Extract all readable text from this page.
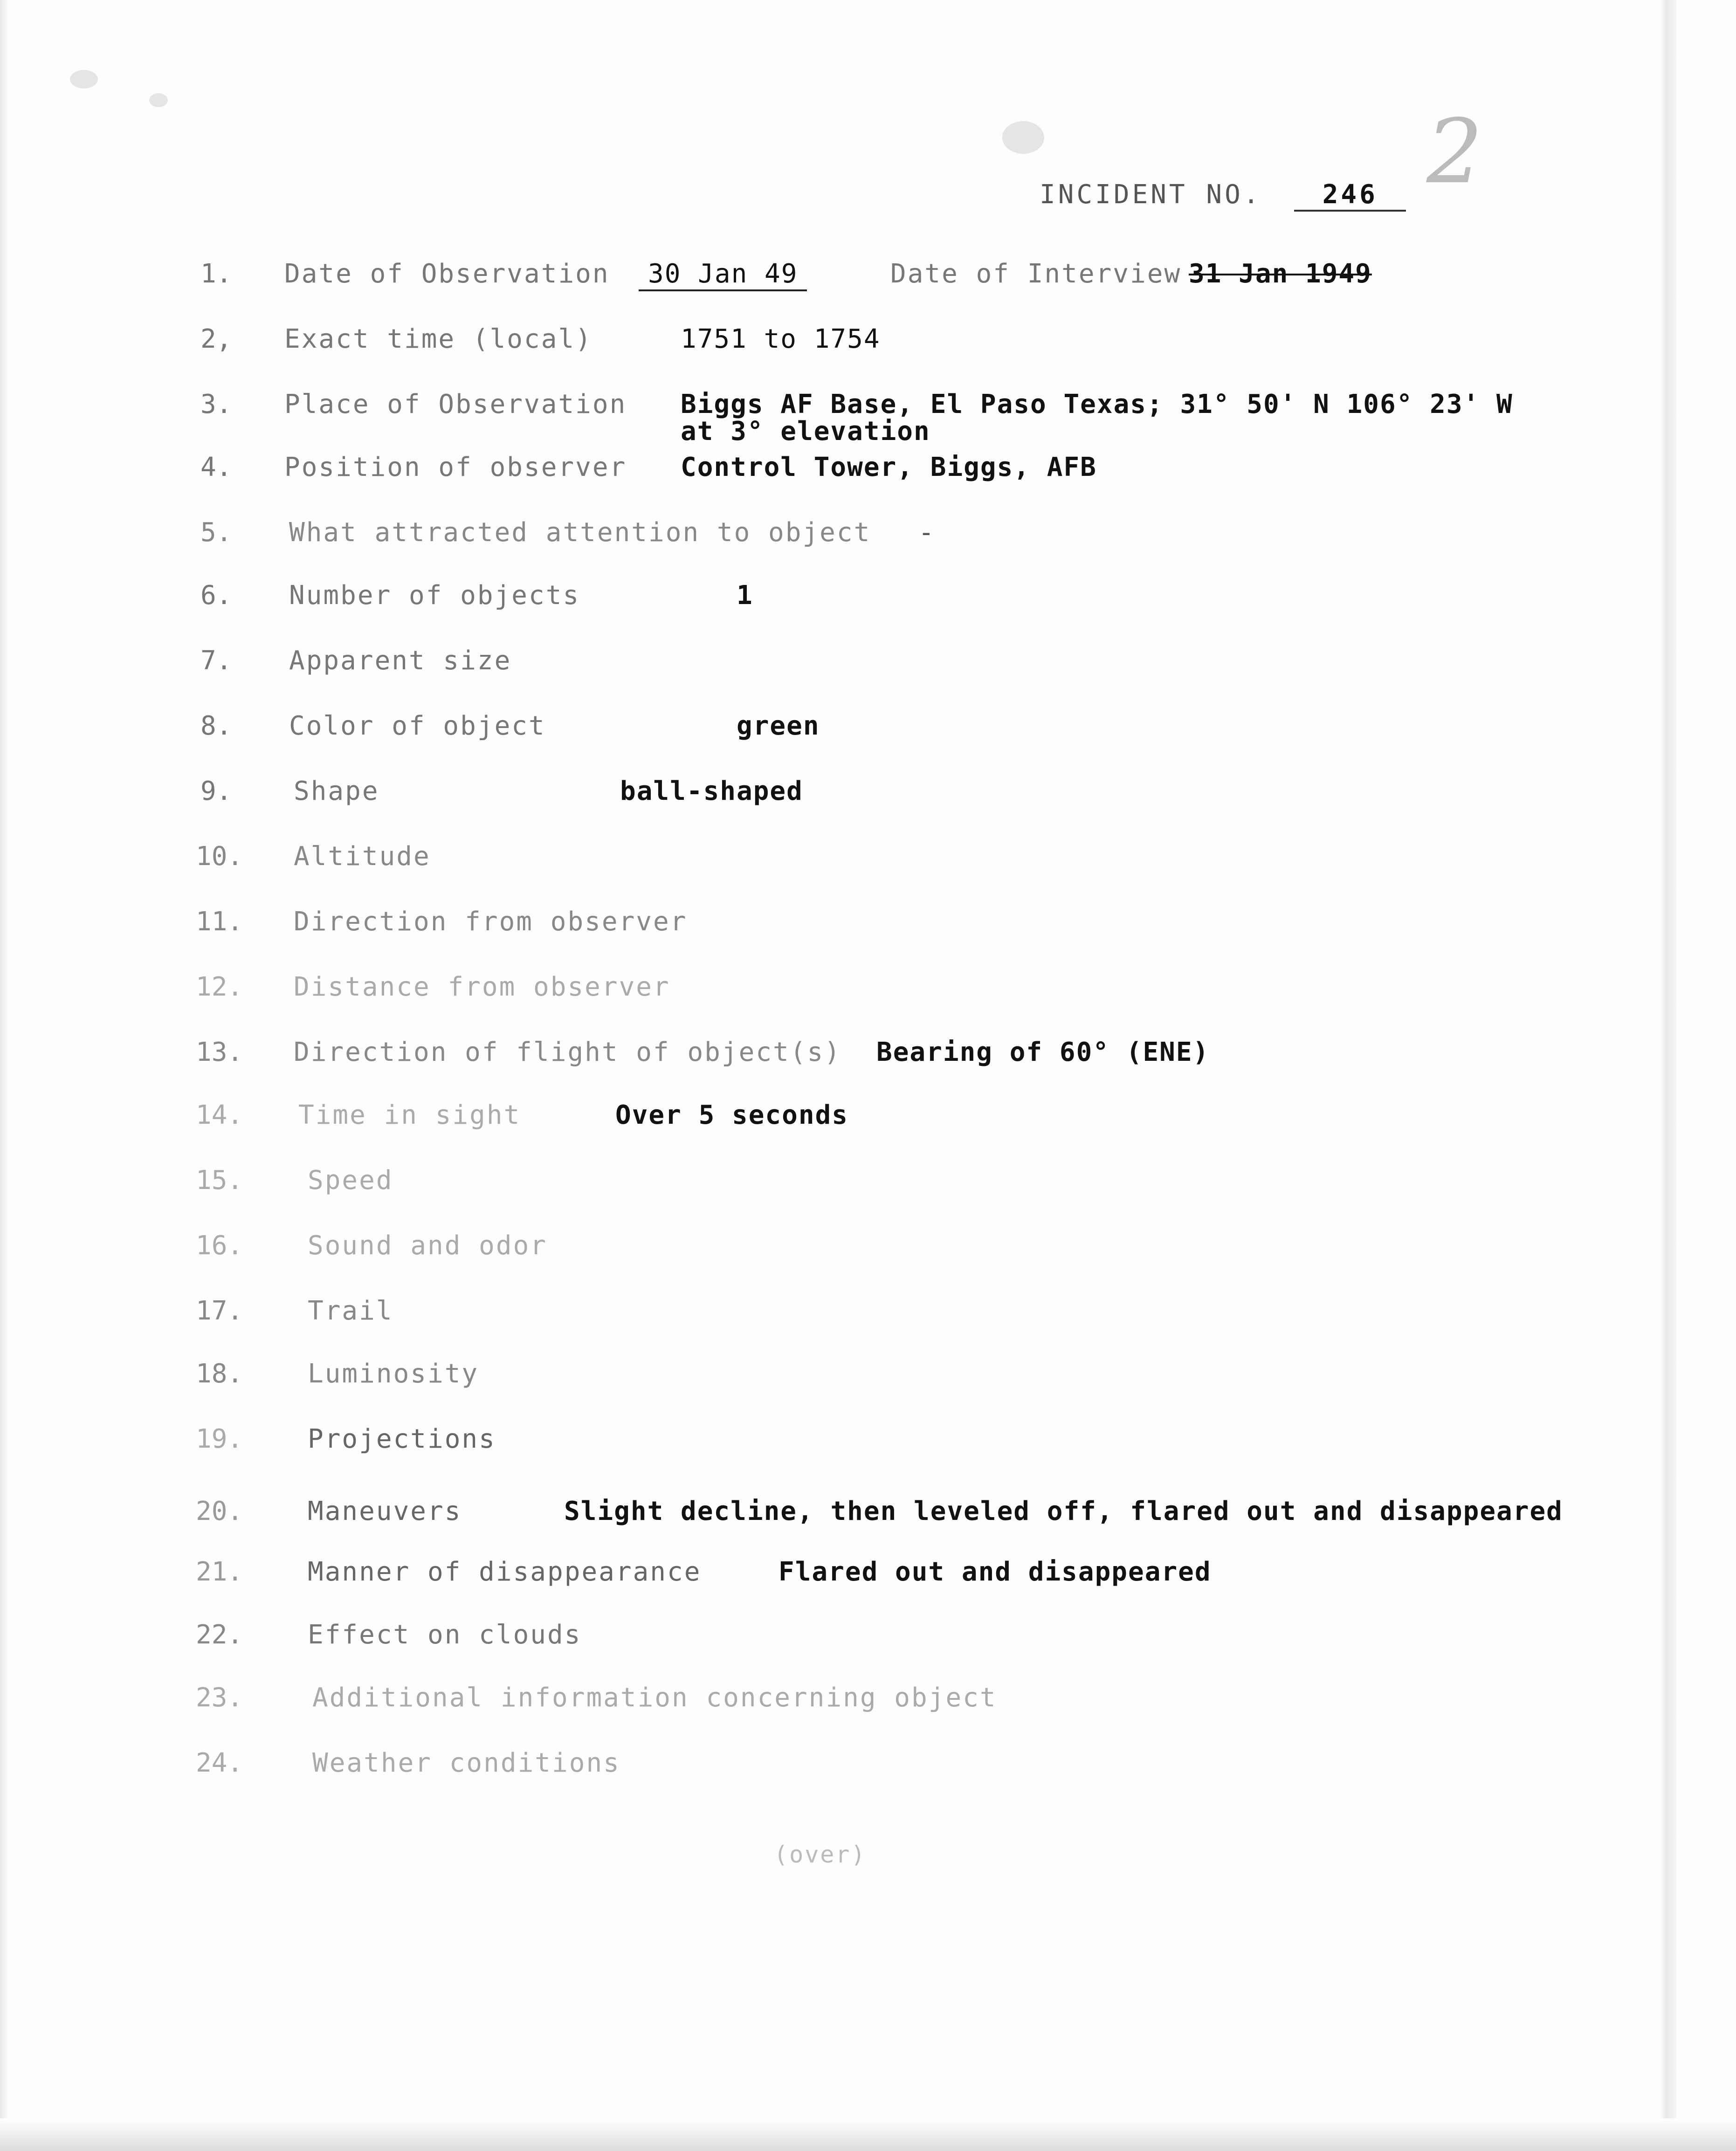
2
INCIDENT NO. 246
1. Date of Observation	30 Jan 49	Date of Interview 31 Jan 1949
2, Exact time (local)	1751 to 1754
3. Place of Observation Biggs AF Base, El Paso Texas; 31° 50' N 106° 23' W
at 3° elevation
4. Position of observer Control Tower, Biggs, AFB
5. What attracted attention to object -
6. Number of objects	1
7. Apparent size
8. Color of object	green
9. Shape	ball-shaped
10. Altitude
11. Direction from observer
12. Distance from observer
13. Direction of flight of object(s) Bearing of 60° (ENE)
14. Time in sight	Over 5 seconds
15. Speed
16. Sound and odor
17. Trail
18. Luminosity
19. Projections
20. Maneuvers	Slight decline, then leveled off, flared out and disappeared
21. Manner of disappearance	Flared out and disappeared
22. Effect on clouds
23.	Additional information concerning object
24.	Weather conditions
(over)
